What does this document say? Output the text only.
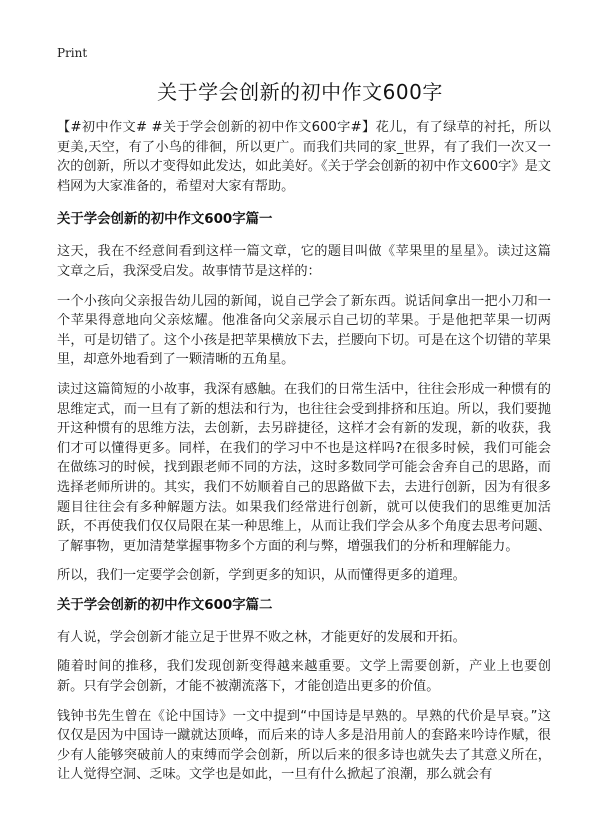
Print
关于学会创新的初中作文600字

【#初中作文# #关于学会创新的初中作文600字#】花儿，有了绿草的衬托，所以更美,天空，有了小鸟的徘徊，所以更广。而我们共同的家_世界，有了我们一次又一次的创新，所以才变得如此发达，如此美好。《关于学会创新的初中作文600字》是文档网为大家准备的，希望对大家有帮助。

关于学会创新的初中作文600字篇一

这天，我在不经意间看到这样一篇文章，它的题目叫做《苹果里的星星》。读过这篇文章之后，我深受启发。故事情节是这样的：

一个小孩向父亲报告幼儿园的新闻，说自己学会了新东西。说话间拿出一把小刀和一个苹果得意地向父亲炫耀。他准备向父亲展示自己切的苹果。于是他把苹果一切两半，可是切错了。这个小孩是把苹果横放下去，拦腰向下切。可是在这个切错的苹果里，却意外地看到了一颗清晰的五角星。

读过这篇简短的小故事，我深有感触。在我们的日常生活中，往往会形成一种惯有的思维定式，而一旦有了新的想法和行为，也往往会受到排挤和压迫。所以，我们要抛开这种惯有的思维方法，去创新，去另辟捷径，这样才会有新的发现，新的收获，我们才可以懂得更多。同样，在我们的学习中不也是这样吗?在很多时候，我们可能会在做练习的时候，找到跟老师不同的方法，这时多数同学可能会舍弃自己的思路，而选择老师所讲的。其实，我们不妨顺着自己的思路做下去，去进行创新，因为有很多题目往往会有多种解题方法。如果我们经常进行创新，就可以使我们的思维更加活跃，不再使我们仅仅局限在某一种思维上，从而让我们学会从多个角度去思考问题、了解事物，更加清楚掌握事物多个方面的利与弊，增强我们的分析和理解能力。

所以，我们一定要学会创新，学到更多的知识，从而懂得更多的道理。

关于学会创新的初中作文600字篇二

有人说，学会创新才能立足于世界不败之林，才能更好的发展和开拓。

随着时间的推移，我们发现创新变得越来越重要。文学上需要创新，产业上也要创新。只有学会创新，才能不被潮流落下，才能创造出更多的价值。

钱钟书先生曾在《论中国诗》一文中提到“中国诗是早熟的。早熟的代价是早衰。”这仅仅是因为中国诗一蹴就达顶峰，而后来的诗人多是沿用前人的套路来吟诗作赋，很少有人能够突破前人的束缚而学会创新，所以后来的很多诗也就失去了其意义所在，让人觉得空洞、乏味。文学也是如此，一旦有什么掀起了浪潮，那么就会有
